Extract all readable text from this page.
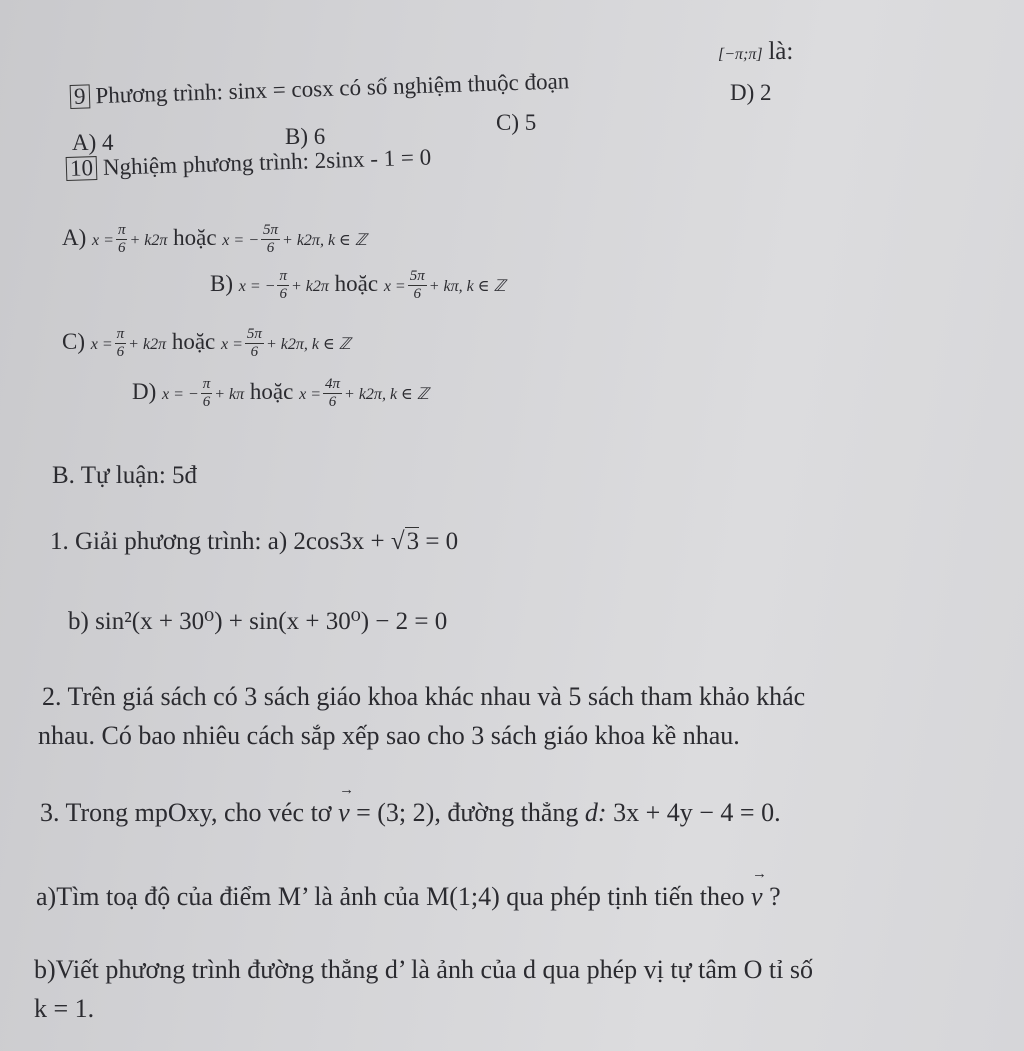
9 Phương trình: sinx = cosx có số nghiệm thuộc đoạn
[−π;π] là:
A) 4	B) 6
C) 5
D) 2
10 Nghiệm phương trình: 2sinx - 1 = 0
A) $x = \frac{\pi}{6} + k2\pi$ hoặc x = − $\frac{5\pi}{6} + k2\pi$, k ∈ ℤ
B) x = − $\frac{\pi}{6} + k2\pi$ hoặc $x = \frac{5\pi}{6} + k\pi$, k ∈ ℤ
C) $x = \frac{\pi}{6} + k2\pi$ hoặc $x = \frac{5\pi}{6} + k2\pi$, k ∈ ℤ
D) x = − $\frac{\pi}{6} + k\pi$ hoặc $x = \frac{4\pi}{6} + k2\pi$, k ∈ ℤ
B. Tự luận: 5đ
1. Giải phương trình: a) 2cos3x + √3 = 0
b) sin²(x + 30⁰) + sin(x + 30⁰) − 2 = 0
2. Trên giá sách có 3 sách giáo khoa khác nhau và 5 sách tham khảo khác
nhau. Có bao nhiêu cách sắp xếp sao cho 3 sách giáo khoa kề nhau.
3. Trong mpOxy, cho véc tơ → v = (3; 2), đường thẳng d: 3x + 4y − 4 = 0.
a)Tìm toạ độ của điểm M’ là ảnh của M(1;4) qua phép tịnh tiến theo → v ?
b)Viết phương trình đường thẳng d’ là ảnh của d qua phép vị tự tâm O tỉ số
k = 1.
